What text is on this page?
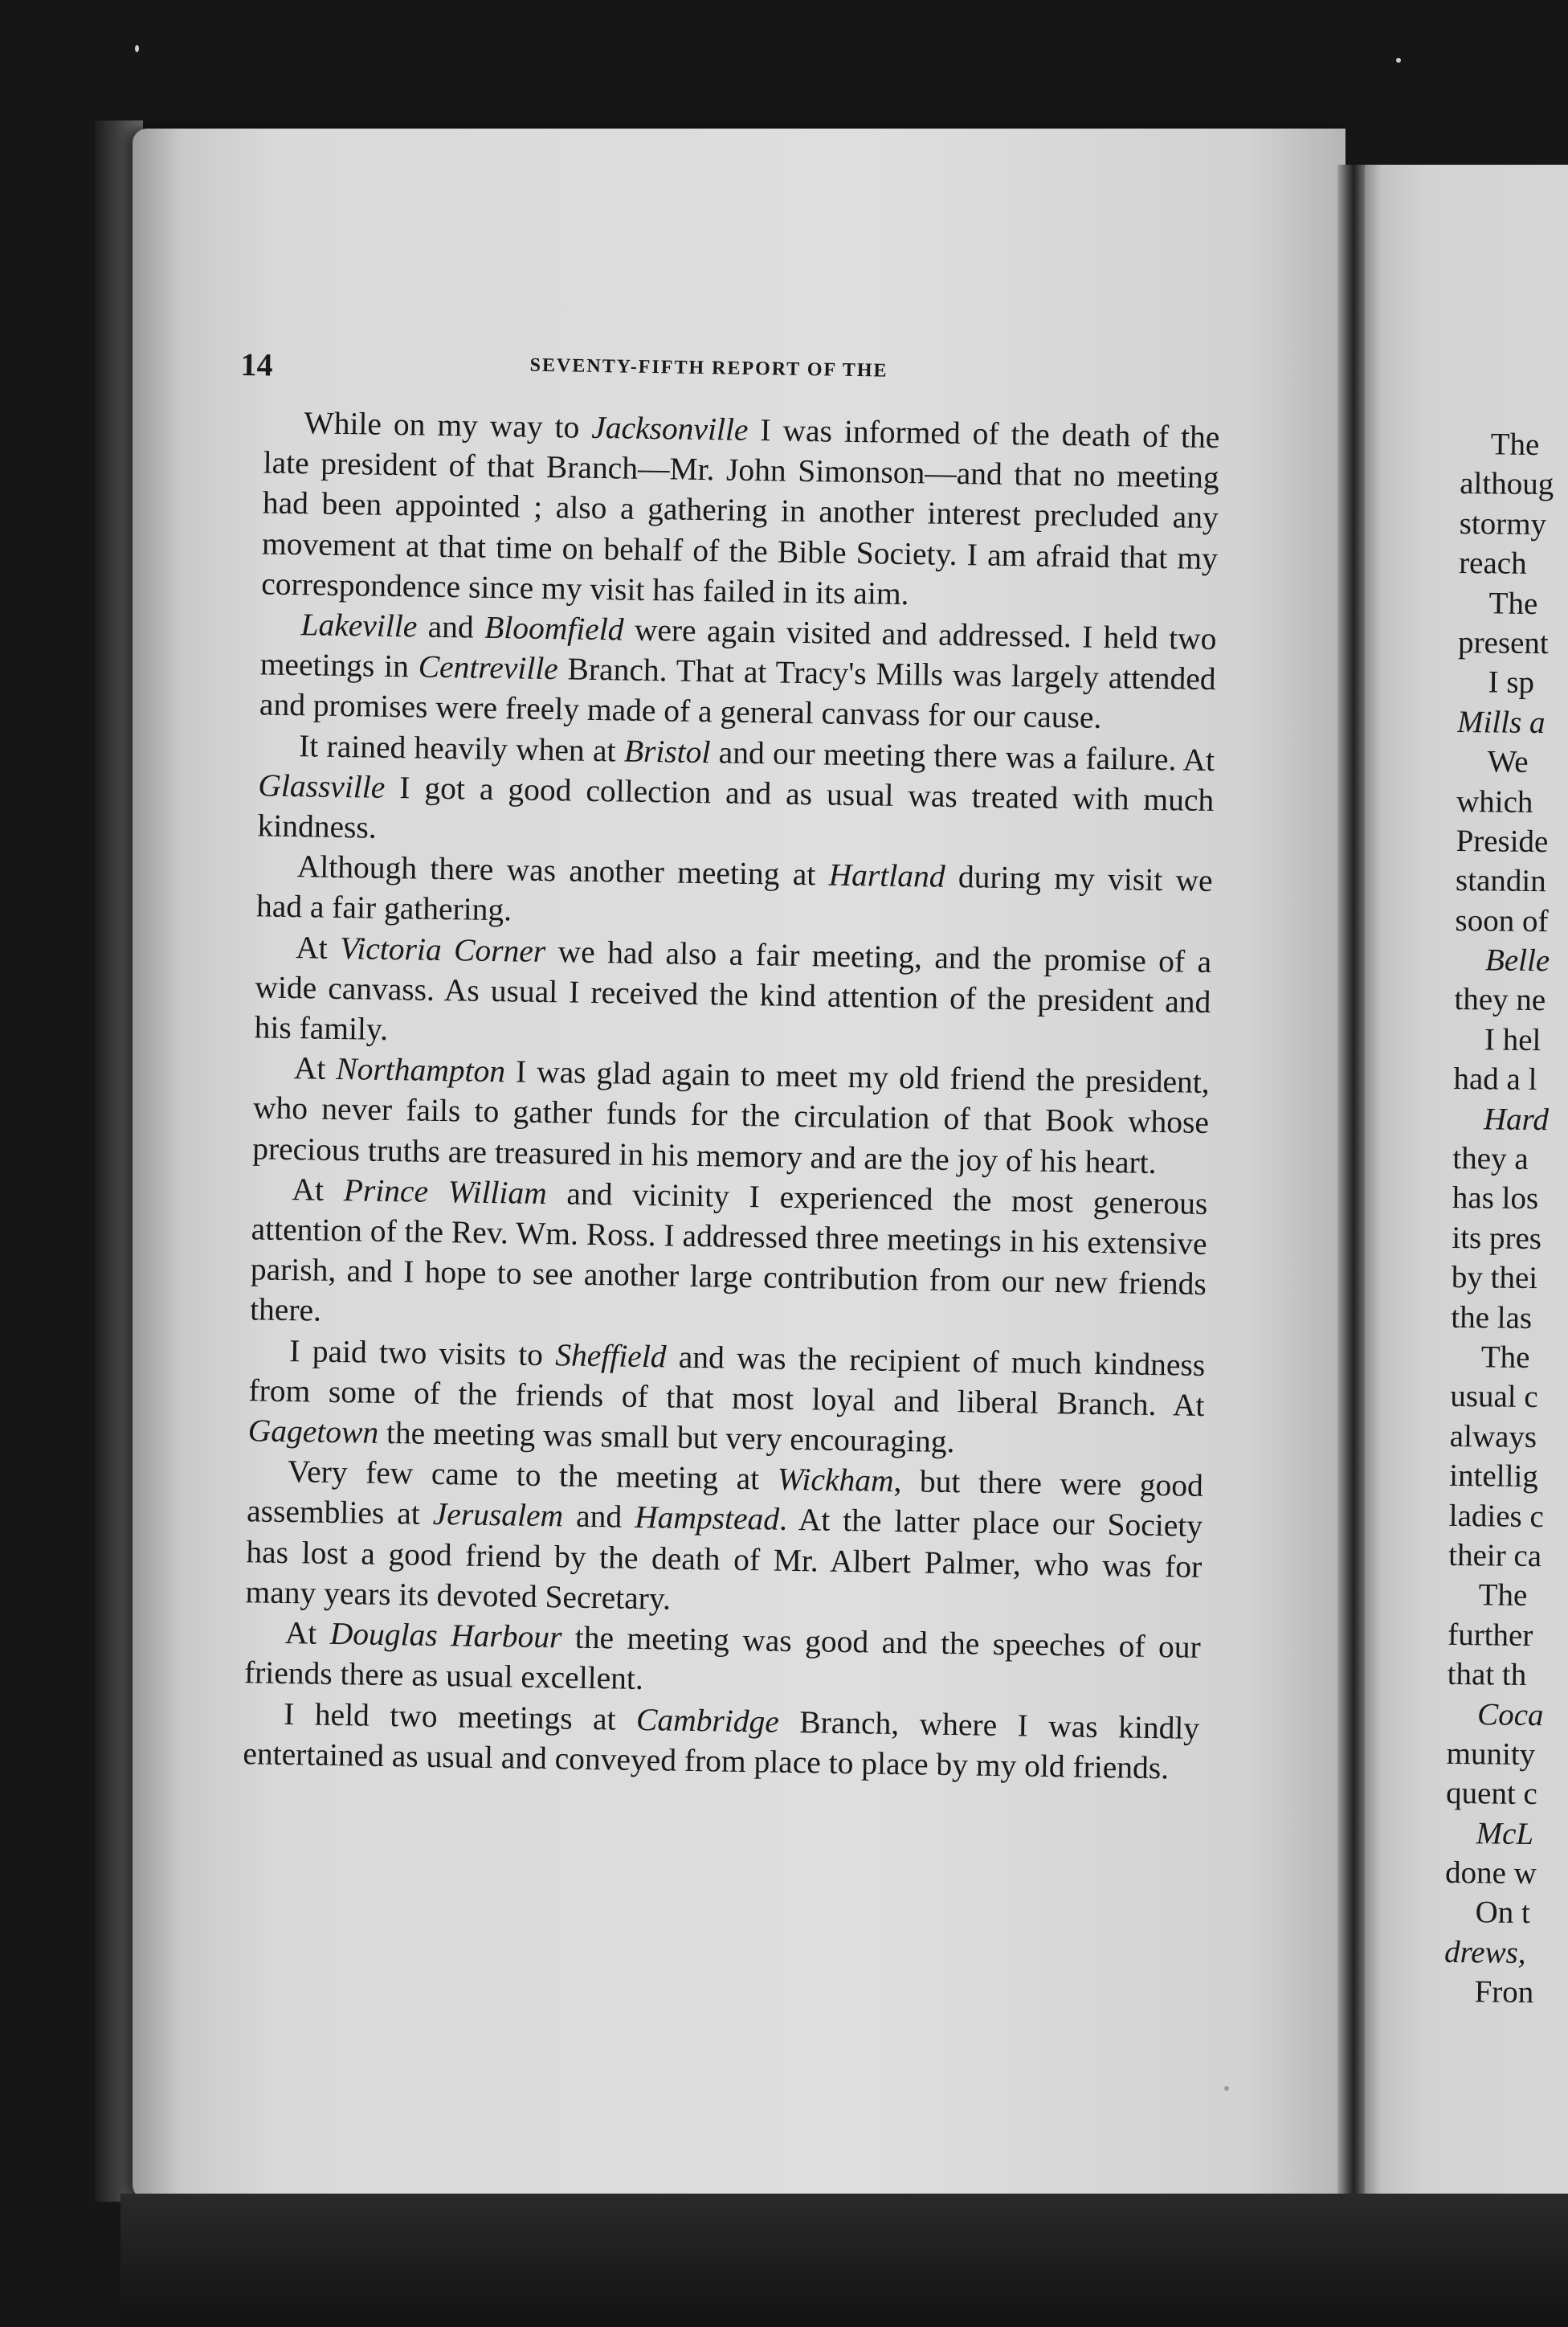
14	SEVENTY-FIFTH REPORT OF THE

While on my way to Jacksonville I was informed of the death of the late president of that Branch—Mr. John Simonson—and that no meeting had been appointed ; also a gathering in another interest precluded any movement at that time on behalf of the Bible Society. I am afraid that my correspondence since my visit has failed in its aim.

Lakeville and Bloomfield were again visited and addressed. I held two meetings in Centreville Branch. That at Tracy's Mills was largely attended and promises were freely made of a general canvass for our cause.

It rained heavily when at Bristol and our meeting there was a failure. At Glassville I got a good collection and as usual was treated with much kindness.

Although there was another meeting at Hartland during my visit we had a fair gathering.

At Victoria Corner we had also a fair meeting, and the promise of a wide canvass. As usual I received the kind attention of the president and his family.

At Northampton I was glad again to meet my old friend the president, who never fails to gather funds for the circulation of that Book whose precious truths are treasured in his memory and are the joy of his heart.

At Prince William and vicinity I experienced the most generous attention of the Rev. Wm. Ross. I addressed three meetings in his extensive parish, and I hope to see another large contribution from our new friends there.

I paid two visits to Sheffield and was the recipient of much kindness from some of the friends of that most loyal and liberal Branch. At Gagetown the meeting was small but very encouraging.

Very few came to the meeting at Wickham, but there were good assemblies at Jerusalem and Hampstead. At the latter place our Society has lost a good friend by the death of Mr. Albert Palmer, who was for many years its devoted Secretary.

At Douglas Harbour the meeting was good and the speeches of our friends there as usual excellent.

I held two meetings at Cambridge Branch, where I was kindly entertained as usual and conveyed from place to place by my old friends.

The
althoug
stormy
reach
The
present
I sp
Mills a
We
which
Preside
standin
soon of
Belle
they ne
I hel
had a l
Hard
they a
has los
its pres
by thei
the las
The
usual c
always
intellig
ladies c
their ca
The
further
that th
Coca
munity
quent c
McL
done w
On t
drews,
Fron
